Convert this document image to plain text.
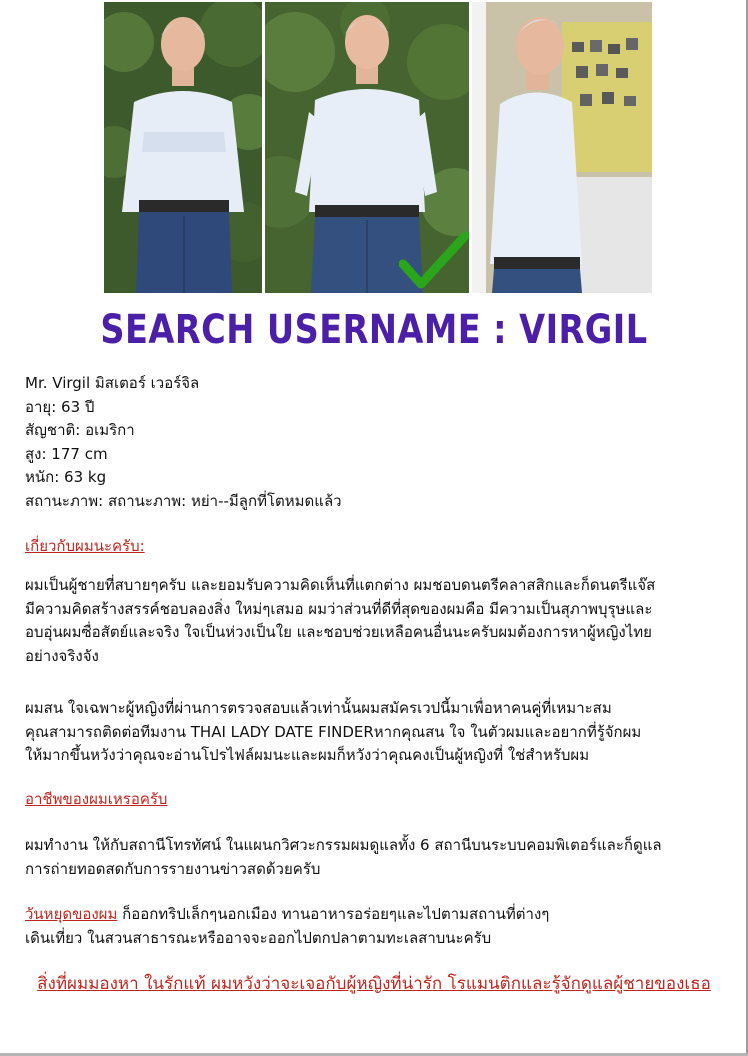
SEARCH USERNAME : VIRGIL
Mr. Virgil มิสเตอร์ เวอร์จิล
อายุ: 63 ปี
สัญชาติ: อเมริกา
สูง: 177 cm
หนัก: 63 kg
สถานะภาพ: สถานะภาพ: หย่า--มีลูกที่โตหมดแล้ว
เกี่ยวกับผมนะครับ:
ผมเป็นผู้ชายที่สบายๆครับ และยอมรับความคิดเห็นที่แตกต่าง ผมชอบดนตรีคลาสสิกและก็ดนตรีแจ๊ส
มีความคิดสร้างสรรค์ชอบลองสิ่ง ใหม่ๆเสมอ ผมว่าส่วนที่ดีที่สุดของผมคือ มีความเป็นสุภาพบุรุษและ
อบอุ่นผมซื่อสัตย์และจริง ใจเป็นห่วงเป็นใย และชอบช่วยเหลือคนอื่นนะครับผมต้องการหาผู้หญิงไทย
อย่างจริงจัง
ผมสน ใจเฉพาะผู้หญิงที่ผ่านการตรวจสอบแล้วเท่านั้นผมสมัครเวปนี้มาเพื่อหาคนคู่ที่เหมาะสม
คุณสามารถติดต่อทีมงาน THAI LADY DATE FINDERหากคุณสน ใจ ในตัวผมและอยากที่รู้จักผม
ให้มากขึ้นหวังว่าคุณจะอ่านโปรไฟล์ผมนะและผมก็หวังว่าคุณคงเป็นผู้หญิงที่ ใช่สำหรับผม
อาชีพของผมเหรอครับ
ผมทำงาน ให้กับสถานีโทรทัศน์ ในแผนกวิศวะกรรมผมดูแลทั้ง 6 สถานีบนระบบคอมพิเตอร์และก็ดูแล
การถ่ายทอดสดกับการรายงานข่าวสดด้วยครับ
วันหยุดของผม ก็ออกทริปเล็กๆนอกเมือง ทานอาหารอร่อยๆและไปตามสถานที่ต่างๆ
เดินเที่ยว ในสวนสาธารณะหรืออาจจะออกไปตกปลาตามทะเลสาบนะครับ
สิ่งที่ผมมองหา ในรักแท้ ผมหวังว่าจะเจอกับผู้หญิงที่น่ารัก โรแมนติกและรู้จักดูแลผู้ชายของเธอ
